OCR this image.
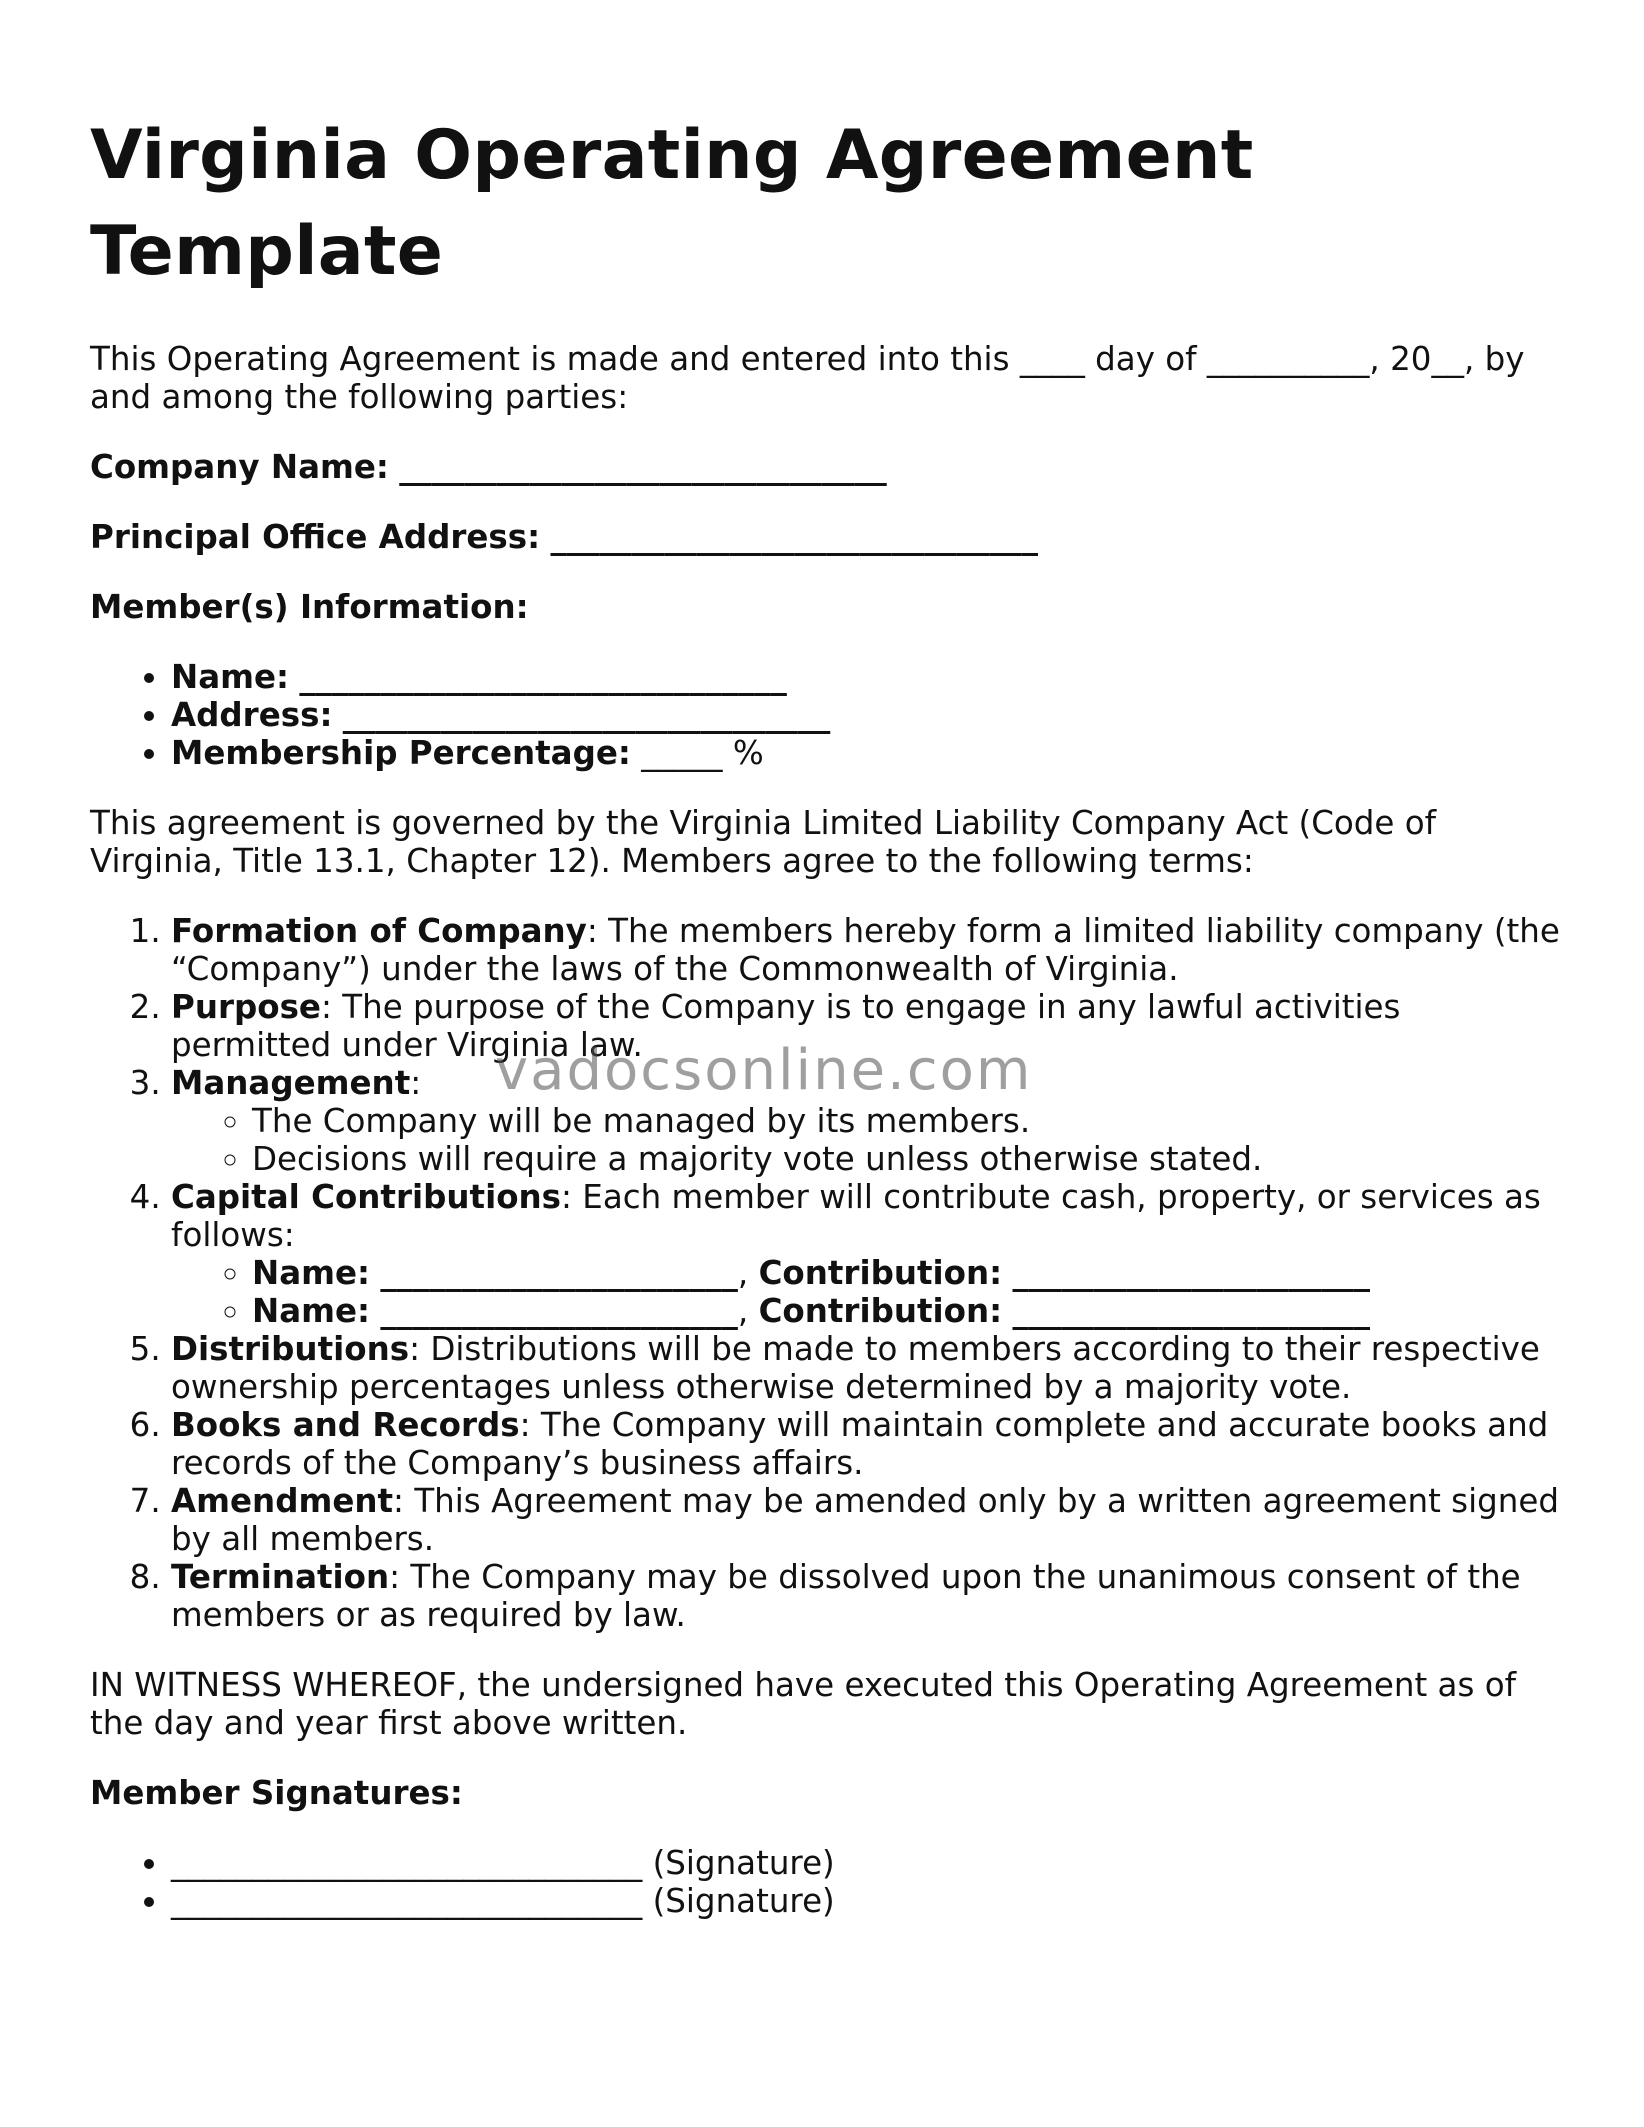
Virginia Operating Agreement Template

This Operating Agreement is made and entered into this ____ day of __________, 20__, by and among the following parties:

Company Name: ______________________________

Principal Office Address: ______________________________

Member(s) Information:

• Name: ______________________________
• Address: ______________________________
• Membership Percentage: _____ %

This agreement is governed by the Virginia Limited Liability Company Act (Code of Virginia, Title 13.1, Chapter 12). Members agree to the following terms:

1. Formation of Company: The members hereby form a limited liability company (the “Company”) under the laws of the Commonwealth of Virginia.
2. Purpose: The purpose of the Company is to engage in any lawful activities permitted under Virginia law.
3. Management:
◦ The Company will be managed by its members.
◦ Decisions will require a majority vote unless otherwise stated.
4. Capital Contributions: Each member will contribute cash, property, or services as follows:
◦ Name: ______________________, Contribution: ______________________
◦ Name: ______________________, Contribution: ______________________
5. Distributions: Distributions will be made to members according to their respective ownership percentages unless otherwise determined by a majority vote.
6. Books and Records: The Company will maintain complete and accurate books and records of the Company’s business affairs.
7. Amendment: This Agreement may be amended only by a written agreement signed by all members.
8. Termination: The Company may be dissolved upon the unanimous consent of the members or as required by law.

IN WITNESS WHEREOF, the undersigned have executed this Operating Agreement as of the day and year first above written.

Member Signatures:

• _____________________________ (Signature)
• _____________________________ (Signature)
vadocsonline.com
